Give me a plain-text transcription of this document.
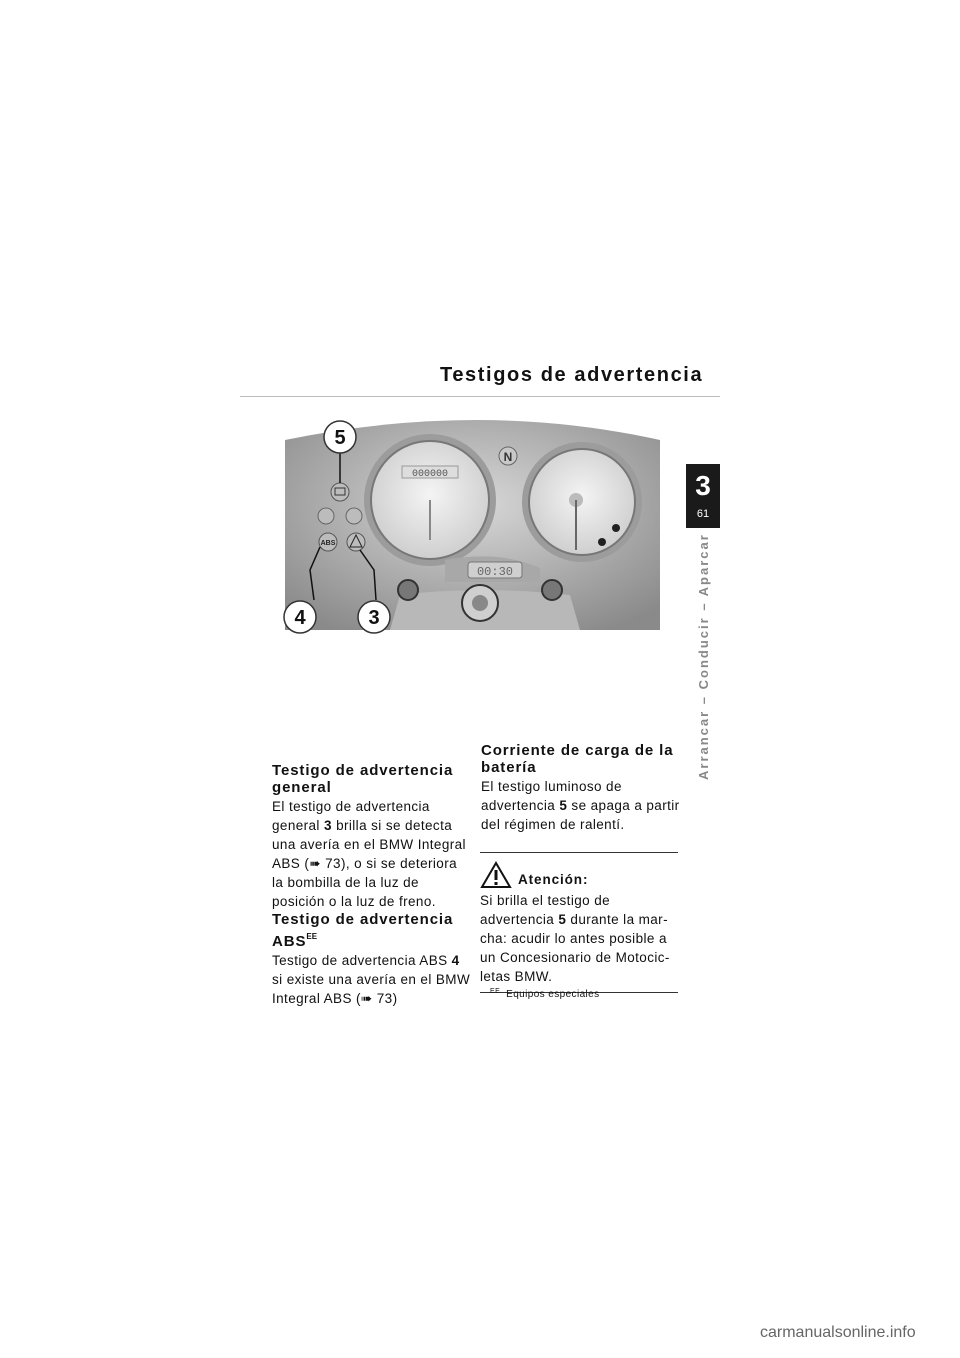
Testigos de advertencia
3
61
Arrancar – Conducir – Aparcar
000000
N
ABS
00:30
5
4	3
Testigo de advertencia general

El testigo de advertencia general 3 brilla si se detecta una avería en el BMW Integral ABS (➠ 73), o si se deteriora la bombilla de la luz de posición o la luz de freno.

Testigo de advertencia $ABS^{EE}$

Testigo de advertencia ABS 4 si existe una avería en el BMW Integral ABS (➠ 73)

Corriente de carga de la batería

El testigo luminoso de advertencia 5 se apaga a partir del régimen de ralentí.

Atención:

Si brilla el testigo de advertencia 5 durante la mar- cha: acudir lo antes posible a un Concesionario de Motocic- letas BMW.

$^{EE}$ Equipos especiales
carmanualsonline.info
